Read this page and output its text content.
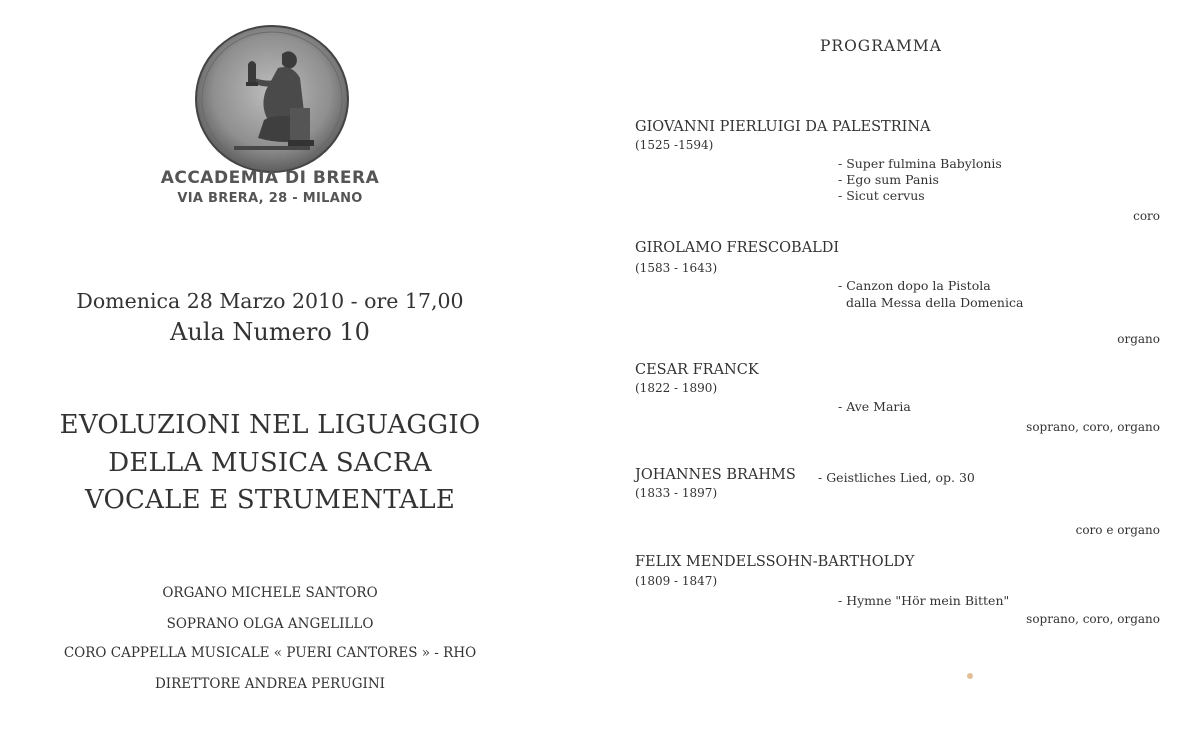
ACCADEMIA DI BRERA
VIA BRERA, 28 - MILANO
Domenica 28 Marzo 2010 - ore 17,00
Aula Numero 10
EVOLUZIONI NEL LIGUAGGIO
DELLA MUSICA SACRA
VOCALE E STRUMENTALE
ORGANO MICHELE SANTORO
SOPRANO OLGA ANGELILLO
CORO CAPPELLA MUSICALE « PUERI CANTORES » - RHO
DIRETTORE ANDREA PERUGINI
PROGRAMMA
GIOVANNI PIERLUIGI DA PALESTRINA
(1525 -1594)
- Super fulmina Babylonis
- Ego sum Panis
- Sicut cervus
coro
GIROLAMO FRESCOBALDI
(1583 - 1643)
- Canzon dopo la Pistola
dalla Messa della Domenica
organo
CESAR FRANCK
(1822 - 1890)
- Ave Maria
soprano, coro, organo
JOHANNES BRAHMS
(1833 - 1897)
- Geistliches Lied, op. 30
coro e organo
FELIX MENDELSSOHN-BARTHOLDY
(1809 - 1847)
- Hymne "Hör mein Bitten"
soprano, coro, organo
